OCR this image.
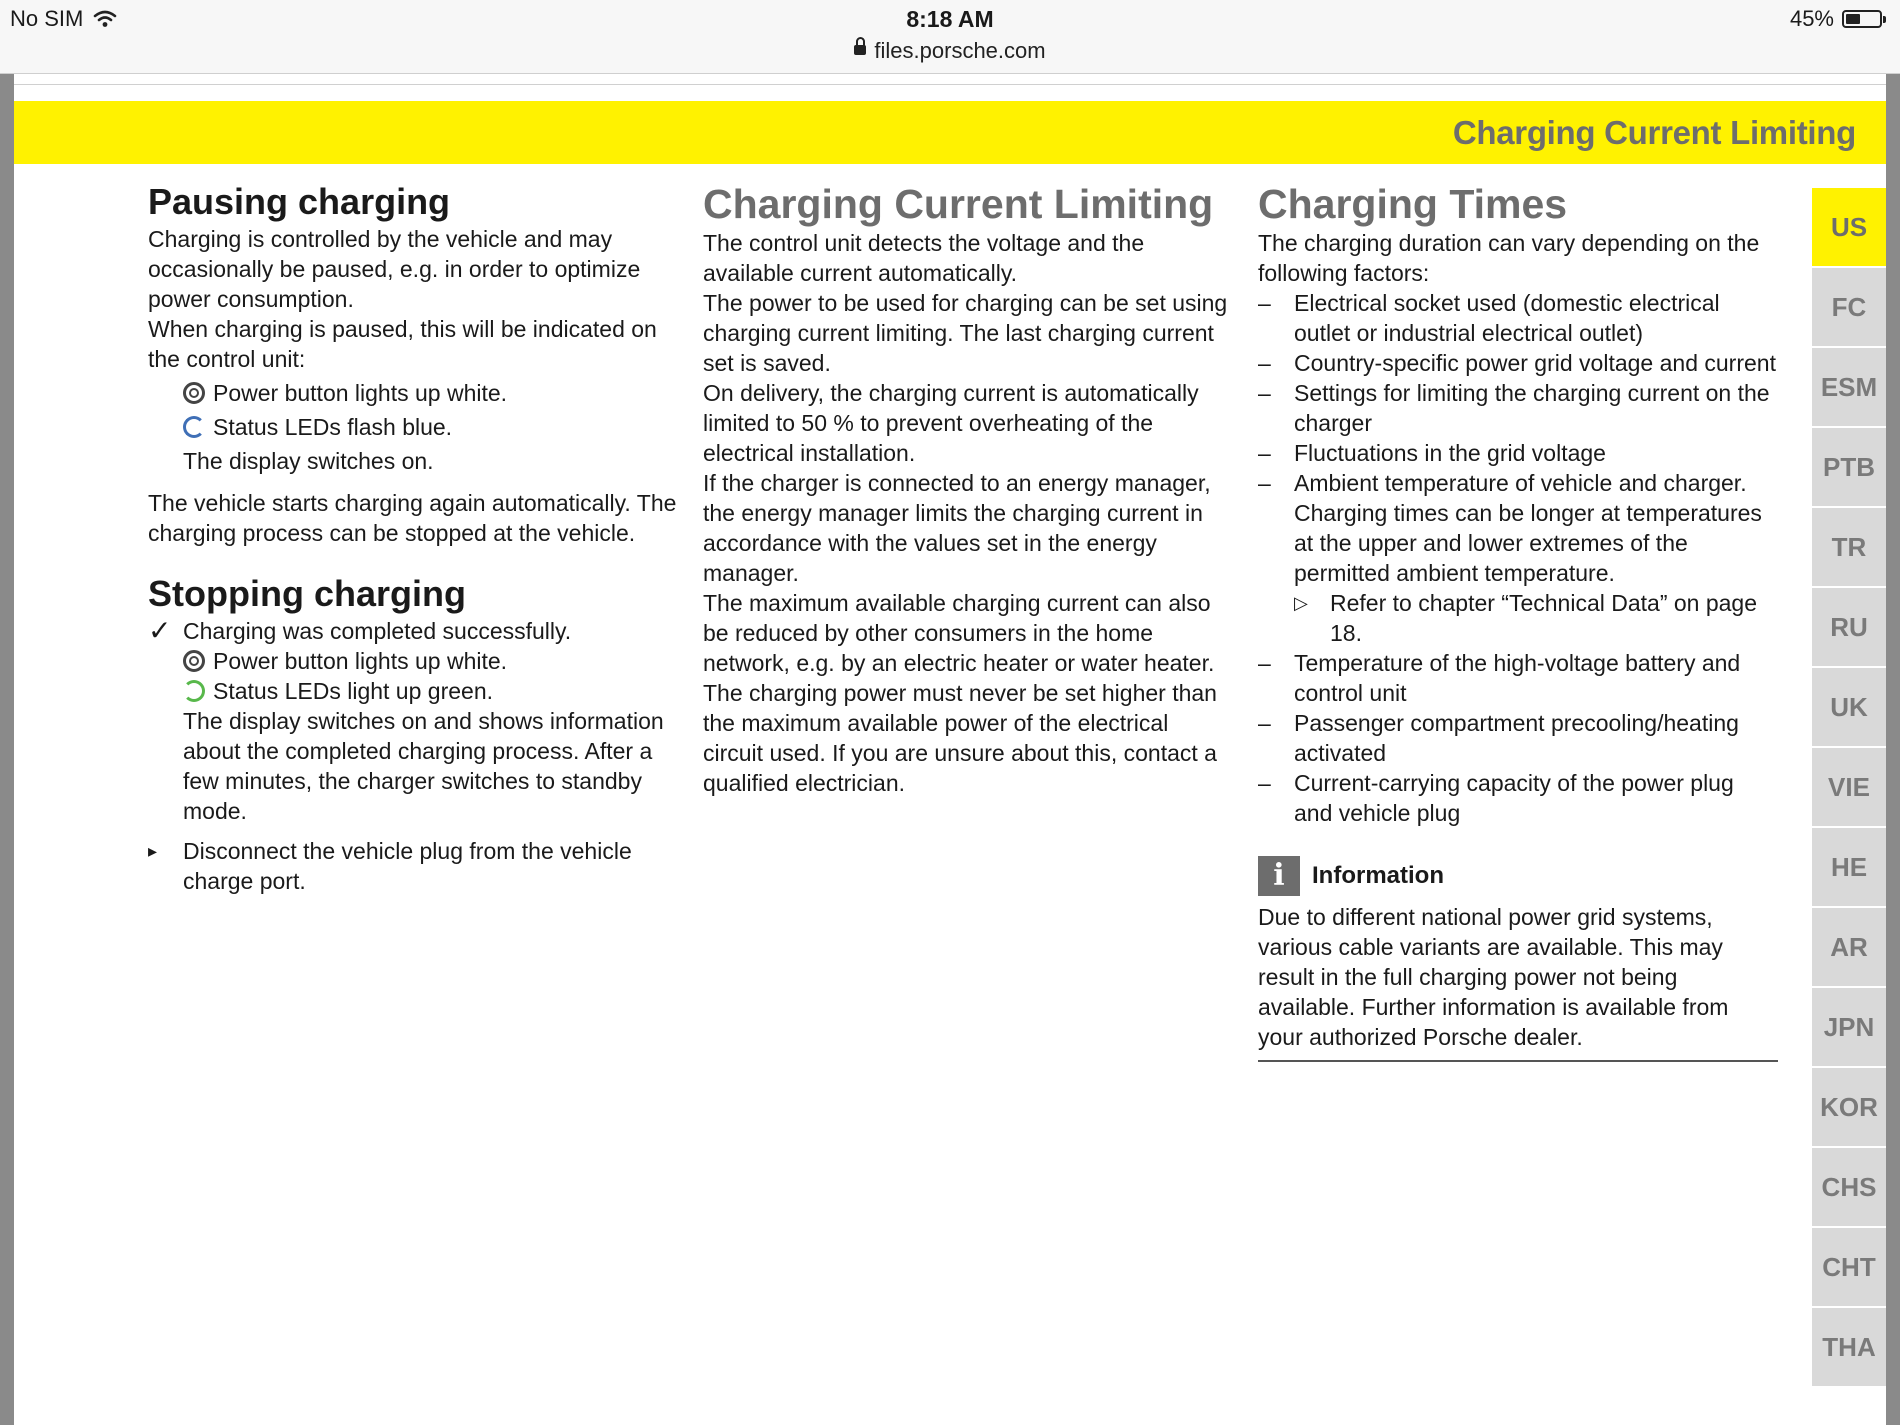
No SIM	8:18 AM	45%
files.porsche.com
Charging Current Limiting
Pausing charging

Charging is controlled by the vehicle and may occasionally be paused, e.g. in order to optimize power consumption.

When charging is paused, this will be indicated on the control unit:

Power button lights up white.
Status LEDs flash blue.

The display switches on.

The vehicle starts charging again automatically. The charging process can be stopped at the vehicle.

Stopping charging
✓ Charging was completed successfully.
Power button lights up white.
Status LEDs light up green.

The display switches on and shows information about the completed charging process. After a few minutes, the charger switches to standby mode.

▸	Disconnect the vehicle plug from the vehicle charge port.
Charging Current Limiting

The control unit detects the voltage and the available current automatically.

The power to be used for charging can be set using charging current limiting. The last charging current set is saved.

On delivery, the charging current is automatically limited to 50 % to prevent overheating of the electrical installation.

If the charger is connected to an energy manager, the energy manager limits the charging current in accordance with the values set in the energy manager.

The maximum available charging current can also be reduced by other consumers in the home network, e.g. by an electric heater or water heater.

The charging power must never be set higher than the maximum available power of the electrical circuit used. If you are unsure about this, contact a qualified electrician.

Charging Times

The charging duration can vary depending on the following factors:

–	Electrical socket used (domestic electrical outlet or industrial electrical outlet)
–	Country-specific power grid voltage and current
–	Settings for limiting the charging current on the charger
–	Fluctuations in the grid voltage
–	Ambient temperature of vehicle and charger. Charging times can be longer at temperatures at the upper and lower extremes of the permitted ambient temperature.
▷ Refer to chapter “Technical Data” on page 18.
–	Temperature of the high-voltage battery and control unit
–	Passenger compartment precooling/heating activated
–	Current-carrying capacity of the power plug and vehicle plug
i	Information

Due to different national power grid systems, various cable variants are available. This may result in the full charging power not being available. Further information is available from your authorized Porsche dealer.

US
FC
ESM
PTB
TR
RU
UK
VIE
HE
AR
JPN
KOR
CHS
CHT
THA
